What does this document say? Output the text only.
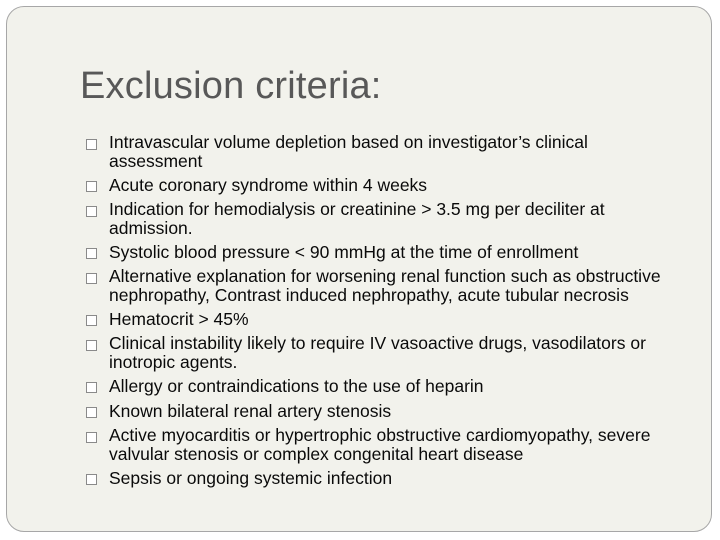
Exclusion criteria:
Intravascular volume depletion based on investigator’s clinical assessment
Acute coronary syndrome within 4 weeks
Indication for hemodialysis or creatinine > 3.5 mg per deciliter at admission.
Systolic blood pressure < 90 mmHg at the time of enrollment
Alternative explanation for worsening renal function such as obstructive nephropathy, Contrast induced nephropathy, acute tubular necrosis
Hematocrit > 45%
Clinical instability likely to require IV vasoactive drugs, vasodilators or inotropic agents.
Allergy or contraindications to the use of heparin
Known bilateral renal artery stenosis
Active myocarditis or hypertrophic obstructive cardiomyopathy, severe valvular stenosis or complex congenital heart disease
Sepsis or ongoing systemic infection
